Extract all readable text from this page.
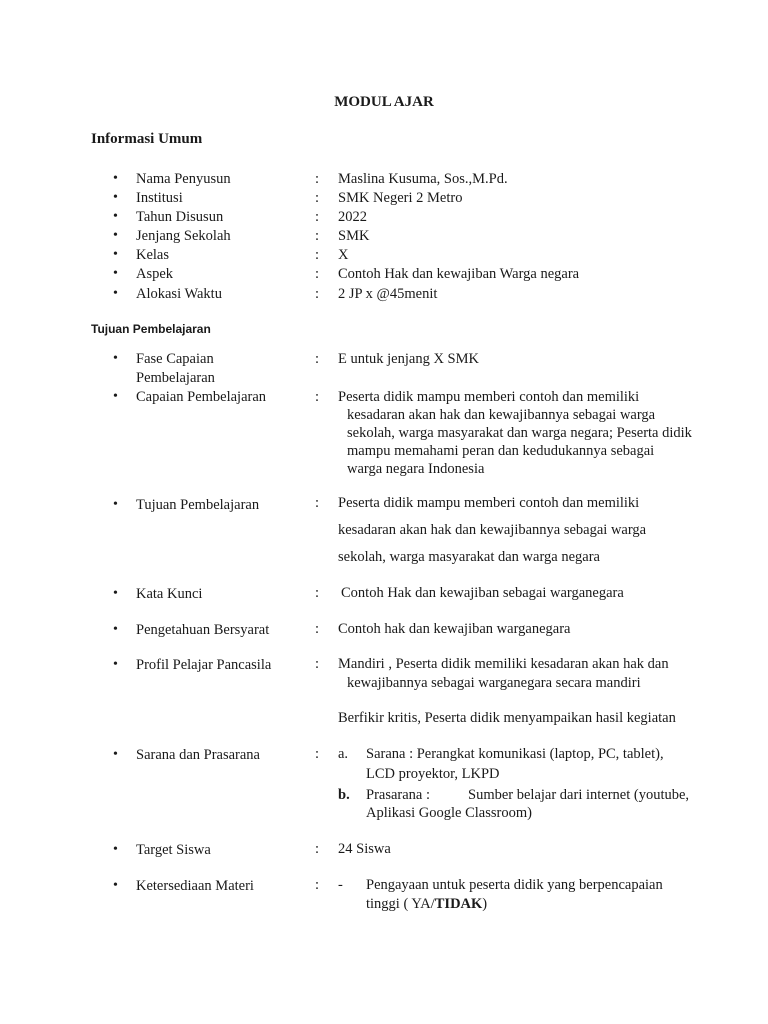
MODUL AJAR
Informasi Umum
• Nama Penyusun	: Maslina Kusuma, Sos.,M.Pd.
• Institusi	: SMK Negeri 2 Metro
• Tahun Disusun	: 2022
• Jenjang Sekolah	: SMK
• Kelas	: X
• Aspek	: Contoh Hak dan kewajiban Warga negara
• Alokasi Waktu	: 2 JP x @45menit
Tujuan Pembelajaran
• Fase Capaian
Pembelajaran
: E untuk jenjang X SMK
• Capaian Pembelajaran	: Peserta didik mampu memberi contoh dan memiliki
kesadaran akan hak dan kewajibannya sebagai warga
sekolah, warga masyarakat dan warga negara; Peserta didik
mampu memahami peran dan kedudukannya sebagai
warga negara Indonesia
• Tujuan Pembelajaran	: Peserta didik mampu memberi contoh dan memiliki
kesadaran akan hak dan kewajibannya sebagai warga
sekolah, warga masyarakat dan warga negara
• Kata Kunci	: Contoh Hak dan kewajiban sebagai warganegara
• Pengetahuan Bersyarat	: Contoh hak dan kewajiban warganegara
• Profil Pelajar Pancasila	: Mandiri , Peserta didik memiliki kesadaran akan hak dan
kewajibannya sebagai warganegara secara mandiri
Berfikir kritis, Peserta didik menyampaikan hasil kegiatan
• Sarana dan Prasarana	: a. Sarana : Perangkat komunikasi (laptop, PC, tablet),
LCD proyektor, LKPD
b. Prasarana :	Sumber belajar dari internet (youtube,
Aplikasi Google Classroom)
• Target Siswa	: 24 Siswa
• Ketersediaan Materi	: - Pengayaan untuk peserta didik yang berpencapaian
tinggi ( YA/TIDAK)
